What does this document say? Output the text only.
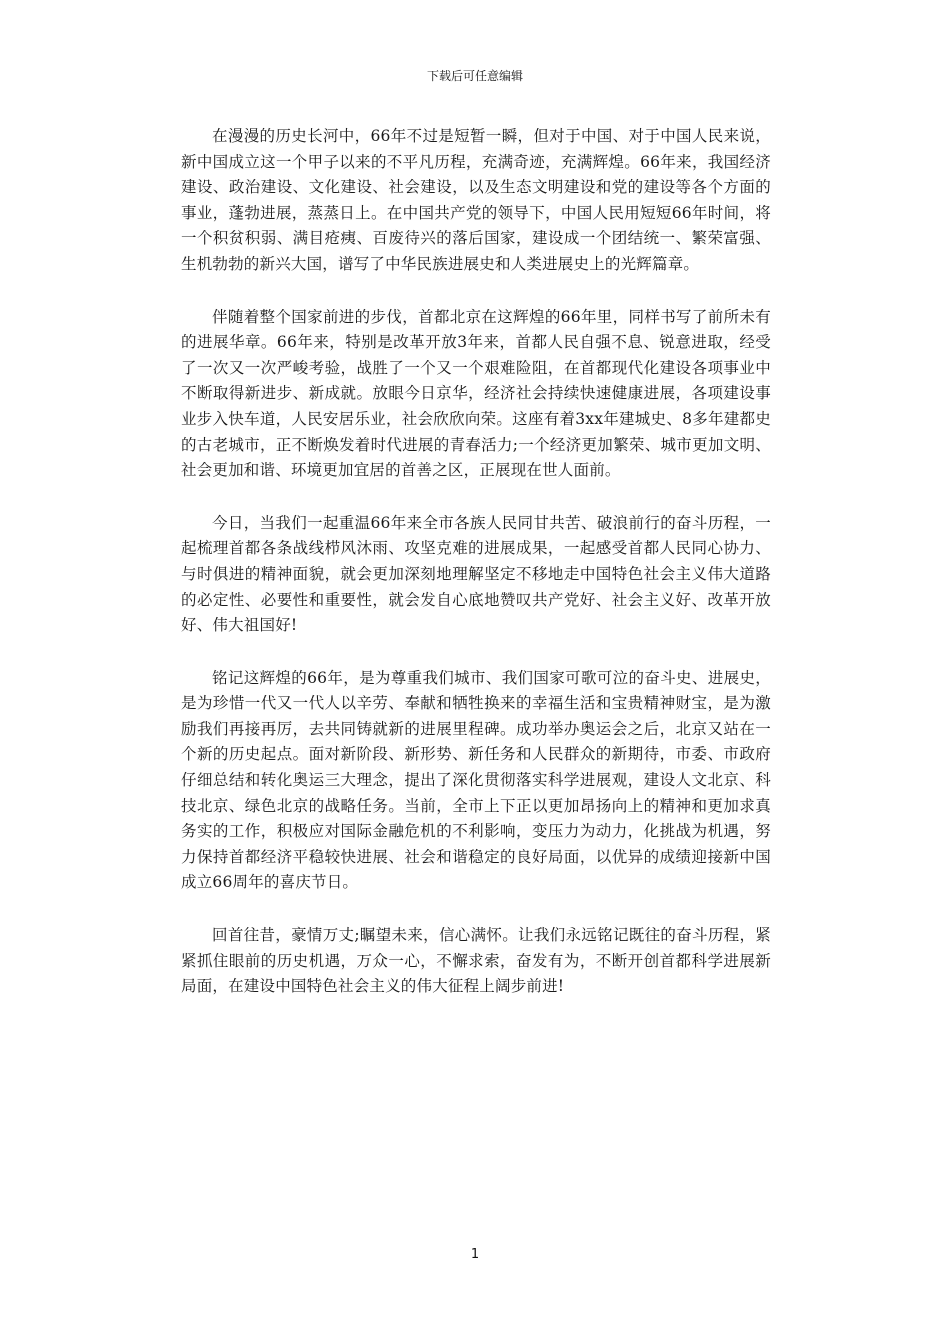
下载后可任意编辑

在漫漫的历史长河中，66年不过是短暂一瞬，但对于中国、对于中国人民来说，新中国成立这一个甲子以来的不平凡历程，充满奇迹，充满辉煌。66年来，我国经济建设、政治建设、文化建设、社会建设，以及生态文明建设和党的建设等各个方面的事业，蓬勃进展，蒸蒸日上。在中国共产党的领导下，中国人民用短短66年时间，将一个积贫积弱、满目疮痍、百废待兴的落后国家，建设成一个团结统一、繁荣富强、生机勃勃的新兴大国，谱写了中华民族进展史和人类进展史上的光辉篇章。

伴随着整个国家前进的步伐，首都北京在这辉煌的66年里，同样书写了前所未有的进展华章。66年来，特别是改革开放3年来，首都人民自强不息、锐意进取，经受了一次又一次严峻考验，战胜了一个又一个艰难险阻，在首都现代化建设各项事业中不断取得新进步、新成就。放眼今日京华，经济社会持续快速健康进展，各项建设事业步入快车道，人民安居乐业，社会欣欣向荣。这座有着3xx年建城史、8多年建都史的古老城市，正不断焕发着时代进展的青春活力;一个经济更加繁荣、城市更加文明、社会更加和谐、环境更加宜居的首善之区，正展现在世人面前。

今日，当我们一起重温66年来全市各族人民同甘共苦、破浪前行的奋斗历程，一起梳理首都各条战线栉风沐雨、攻坚克难的进展成果，一起感受首都人民同心协力、与时俱进的精神面貌，就会更加深刻地理解坚定不移地走中国特色社会主义伟大道路的必定性、必要性和重要性，就会发自心底地赞叹共产党好、社会主义好、改革开放好、伟大祖国好!

铭记这辉煌的66年，是为尊重我们城市、我们国家可歌可泣的奋斗史、进展史，是为珍惜一代又一代人以辛劳、奉献和牺牲换来的幸福生活和宝贵精神财宝，是为激励我们再接再厉，去共同铸就新的进展里程碑。成功举办奥运会之后，北京又站在一个新的历史起点。面对新阶段、新形势、新任务和人民群众的新期待，市委、市政府仔细总结和转化奥运三大理念，提出了深化贯彻落实科学进展观，建设人文北京、科技北京、绿色北京的战略任务。当前，全市上下正以更加昂扬向上的精神和更加求真务实的工作，积极应对国际金融危机的不利影响，变压力为动力，化挑战为机遇，努力保持首都经济平稳较快进展、社会和谐稳定的良好局面，以优异的成绩迎接新中国成立66周年的喜庆节日。

回首往昔，豪情万丈;瞩望未来，信心满怀。让我们永远铭记既往的奋斗历程，紧紧抓住眼前的历史机遇，万众一心，不懈求索，奋发有为，不断开创首都科学进展新局面，在建设中国特色社会主义的伟大征程上阔步前进!

1
